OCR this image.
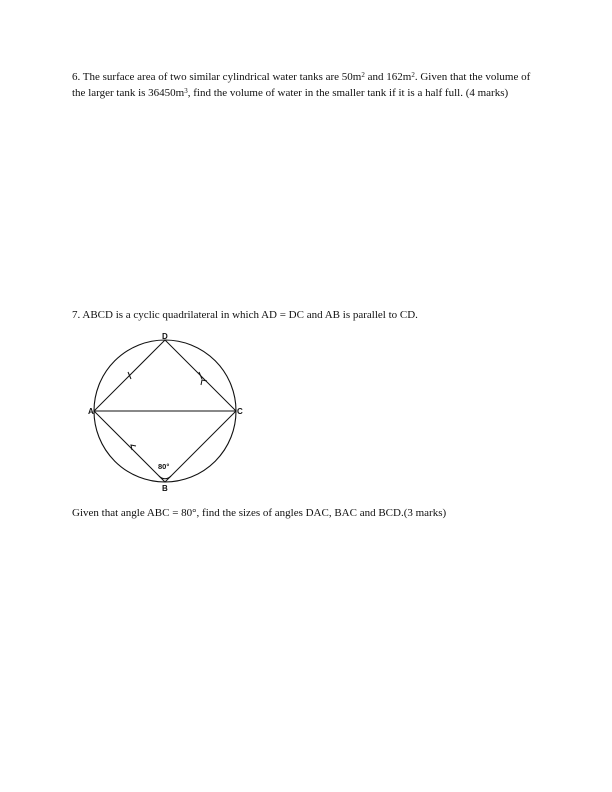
6. The surface area of two similar cylindrical water tanks are $50m^2$ and $162m^2$. Given that the volume of the larger tank is $36450m^3$, find the volume of water in the smaller tank if it is a half full. (4 marks)

7. ABCD is a cyclic quadrilateral in which AD = DC and AB is parallel to CD.

A
B
C
D
80°

Given that angle ABC = 80°, find the sizes of angles DAC, BAC and BCD.(3 marks)
